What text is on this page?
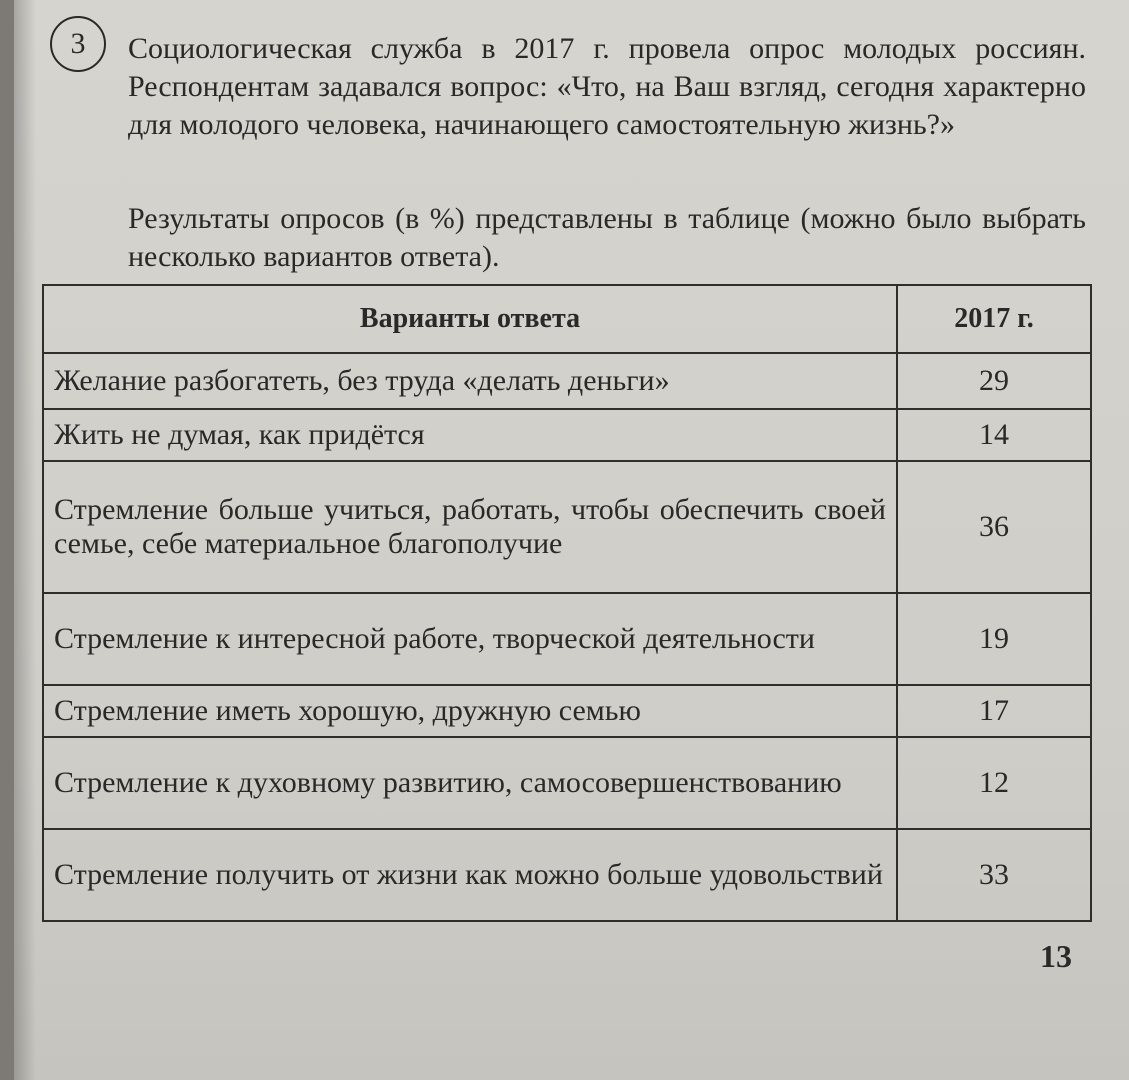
3	Социологическая служба в 2017 г. провела опрос молодых россиян. Респондентам задавался вопрос: «Что, на Ваш взгляд, сегодня характерно для молодого человека, начинающего самостоятельную жизнь?»

Результаты опросов (в %) представлены в таблице (можно было выбрать несколько вариантов ответа).

Варианты ответа	2017 г.
Желание разбогатеть, без труда «делать деньги»	29
Жить не думая, как придётся	14
Стремление больше учиться, работать, чтобы обеспечить своей семье, себе материальное благополучие	36
Стремление к интересной работе, творческой деятельности	19
Стремление иметь хорошую, дружную семью	17
Стремление к духовному развитию, самосовершенствованию	12
Стремление получить от жизни как можно больше удовольствий	33
13
